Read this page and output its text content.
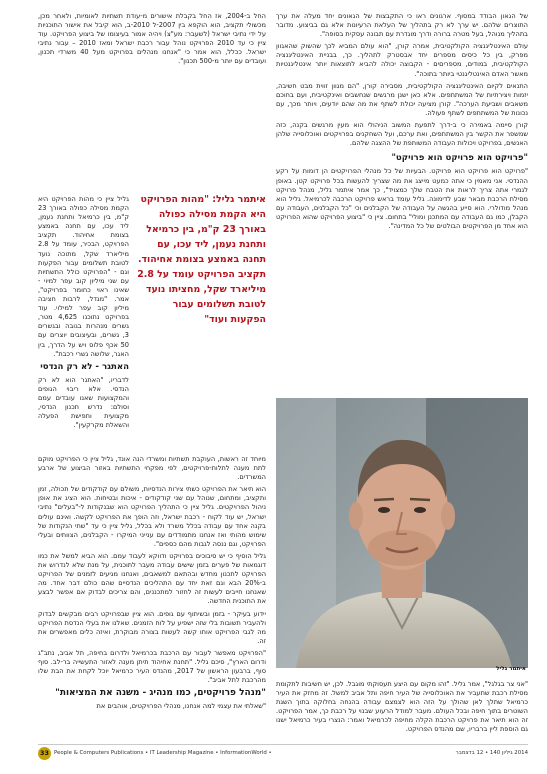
החל ב-2004, אז החל בקבלת אישורים מ-עודת תשתיות לאומיות, ולאחר מכן, מכשולי תקציב, הוא הוקפא בין 2007-ל 2010-ב, הוא קיבל את אישור התוכניות על ידי נתיבי ישראל (לשעבר: מע"צ) ויהיה אמור בעיצומו של ביצוע הפרויקט. עוד ציין כי עד 2010 הפרויקט נוהל עבור רכבת ישראל ומאז 2010 – עבור נתיבי ישראל. ככלל, הוא אמר כי "אנחנו מנהלים בפרויקט מעל 40 משרדי תכנון, ועובדים עם יותר מ-500 תכנון".

איתמר גליל: "מהות הפרויקט היא הקמת מסילה כפולה באורך 23 ק"מ, בין כרמיאל ותחנת נעמן, ליד עכו, עם תחנה באמצע בצומת אחיהוד. תקציב הפרויקט עומד על 2.8 מיליארד שקל, מחציתו נועד לטובת תשלומים עבור הפקעות ועוד"

גליל ציין כי מהות הפרויקט היא הקמת מסילה כפולה באורך 23 ק"מ, בין כרמיאל ותחנת נעמן, ליד עכו, עם תחנה באמצע בצומת אחיהוד. תקציב הפרויקט, הבכיר, עומד על 2.8 מיליארד שקל, מתוכה נועד לטובת תשלומים עבור הפקעות וגם - "הפרויקט כולל התשתיות עם שני מיליון קוב עפר למיוי - שאינו ראוי כחומר בפרויקט", אמר. "מגדל, לרבות חציבה מיליון קוב עפר למילוי. עוד בפרויקט נתוכנו 4,625 מטר, גשרים מנהרות בגובה ובגשרים 3, גשרים, ובעיצובים יוצרים עם 50 אכף פלוס ויש על הדרך, בין האגר, שלושה גשרי רכבת".

האתגר - לא רק הנדסי

לדבריו, "האתגר הוא לא רק הנדסי. אלא ריבוי הגופים והמקצועות שאנו עובדים עמם וסולם: נדרש תכנון הנדסי, מקצועית ותפישת הפעלה והשאלת מקרקעין".

מיוחד זה ראשות, העוקבת תשתיות ומשרדי הנה אונד, גליל ציין כי הפרויקט מוקם לתת מענה לתלות-פרויקטים, לפי מפקחי התשתיות באזור הביצוע של ארבע המשרדים.

הוא תיאר את הפרויקט כשתי צירות הנדסיות, משולם עם קודקודים של תכולה, זמן ותקציב, ומתחום, שנוהל עם שני קודקודים - איכות ובטיחות. הוא הציג את אופן ניהול הפרויקטים. גליל ציין כי התהליך הפרויקט הוא שבנקודות ל-"בעלים" נתיבי ישראל, יש עוד לקוח - רכבת ישראל, וזה הופך את הפרויקט לקשה. ואינם עולים בקנה אחד עם עבודה בכלל משרד ולא בכלל, גליל ציין כי עד "שתי הנקודות של שימוש מהותי ואז אנחנו מתמודדים עם ענייני המיקרו - הקבלנים, הצוותים ובעלי הפרויקט, וגם ננסה לגבות מהם כספים".

גליל הוסיף כי יש סיבוכים בפרויקט ודווקא לעבוד עמם. הוא הביא למשל את כמו דוגמאות של פערים בזמן שישים עבודה מעבר לתוכנית, על מנת שלא לנדרוש את הפרויקט לתכנון מחדש ובהתאם למשאבים, ואנחנו מגיעים לזמנים של הפרויקט ב-20% הבא וגם זאת יחד עם התהליכים הנדסיים שהם כולם דבר אחד. מה שאנחנו חייבים לעשות זה לחזור למתכננים, והם צריכים לבדוק אם אפשר לבצע את התוכנית החדשה.

יידוע בעיקר - בזמן ובשיתוף עם גופים. הוא ציין שבפרויקט רבים מבקשים לבדוק ולהעביר תשובות בלי שזה ישפיע על לוח הזמנים. שאלנו את בעלי הנדסת הפרויקט מה לגבי הפרויקט אותו קשה לעשות בצורה מבוקרת, ואיזה כלים מאפשרים את זה.

"הפרויקט מאפשר לעבור עם הרכבת בכרמיאל ולדרום בחיפה, תל אביב, נתב"ג ודרום הארץ", סיכם גליל. "תחנת אחיהוד תיתן מענה לאזור התעשייה בר-לב. סוף סוף, ברבעון הראשון של 2017, מהנדס העיר כרמיאל יוכל לקחת את הבת שלו מהרכבת לתל אביב".

"מנהל פרויקטים, כמו מנהיג - משנה את המציאות"

"שאלתי את עצמי למה אנחנו, מנהלי הפרויקטים, אוהבים את

של הגאון הבודד במסוף. ארגונים ראו כי התקבצות של הגאונים יחד מעלה את ערך התוצרים שלהם. יש ערך לא רק בתהליך של העלאת הרעיונות אלא גם בביצוע. מדובר בתהליך מנוהל, בעל מטרה ברורה ודרך מוגדרת עם תבונה עסקית בסופה".

עולם האינטליגנציה הקולקטיבית, אמרה קורן, "הוא עולם המביא לכך שהשוק שהאגוון מפרק, בין כל כיסים מספרים יחד אבסטרק לתהליך. כך, בבניית האינטליגנציה הקולקטיבית, במודים, מספריםים - הקבוצה יכולה להביא לתוצאות יותר אינטליגנטיות מאשר האדם האינטליגנטי ביותר בתוכה".

התנאים לקיום האינטליגנציה הקולקטיבית, מסבירה קורן, "הם מגוון זווית מבט חשיבה, יזמות ויצירתיות של המשתתפים. אלא כאן ישנן מרגשים שנחשבים ואינקטיבית, ועם בחוכם משאבים ושביעת הערכה". קורן מציעה יכולת לשתף את מה שהם יודעים, ויותר מכך, עם נכונות של המשתתפים לשתף פעולה.

קורן סיימה באמירה כי ב-דרך לתפעת המשוב הניהולי הוא מעין מרגשים בקנה, כזה שמשפר את הקשר בין המשתתפים, ואת ערכם, ועל השחקנים בפרויקטים ואוכלוסייה שלהן האנשים, בפרויקט ויכולות העבודה המשותפת של ההצגה שלהם.

"פרויקט הוא פרויקט הוא פרויקט"

"פרויקט הוא פרויקט הוא פרויקט. הבעיות של כל מנהלי הפרויקטים הן דומות על רקע ההנדסי. אני מאמין כי אתה כמעט מייצג את מה שצריך להעשות בכל פרויקט קטן. באופן לגמרי אתה צריך לראות את הטבח שלך כמצויד", כך אמר איתמר גליל, מנהל פרויקט מסילת הרכבת מבאר שבע לדימונה. גליל עומד בראש פרויקט הרכבה לכרמיאל. גליל הוא מנהל מודולרי. הוא סייע בהגשה על העבודה של הקבלנים וכי "כל הקבלנים, העבודה עם הקבלן, כמו גם העבודה עם המתכנן ומולי" בתחום. ציין כי "ביצוע הפרויקט שהוא הפרויקט הוא אחד מן הפרויקטים הבולטים של כל המדינה".

איתמר גליל

"אני צר בגלגל", אמר גליל. "זהו מקום עם היצע תעסוקתי מוגבל. לכן, יש חשיבות לתקומת מסילת רכבת שתעביר את האוכלוסייה של העיר חיפה ותל אביב למשל. זה מחזק את העיר כרמיאל שתלך לאן שהולך על הזה הוא לצמצם עבודה בהנחה בחלוקה בתוך השגת השוטרים בתוך חיפה ובכל העולם. מעבר למודל הרעוע שבנוי על רכבת כך, אמר הפרויקט. זה הוא תיאר את פרויקט הרכבת הקלה מחיפה לכרמיאל ואמר: הנצרי בעיר כרמיאל ישנו גם הוספת ליין ברבריו, שם מהנדס הפרויקט.

33 People & Computers Publications • IT Leadership Magazine • InformationWorld •	2014 גיליון 140 • 12 בדצמבר
